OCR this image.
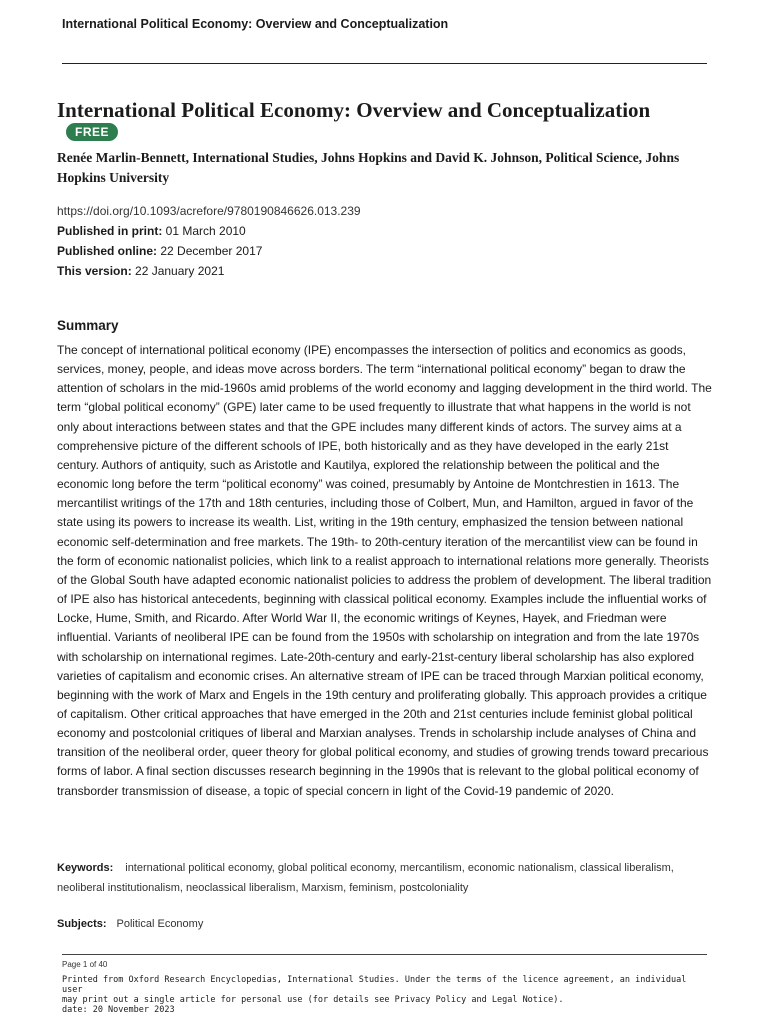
International Political Economy: Overview and Conceptualization
International Political Economy: Overview and Conceptualization
FREE
Renée Marlin-Bennett, International Studies, Johns Hopkins and David K. Johnson, Political Science, Johns Hopkins University
https://doi.org/10.1093/acrefore/9780190846626.013.239
Published in print: 01 March 2010
Published online: 22 December 2017
This version: 22 January 2021
Summary

The concept of international political economy (IPE) encompasses the intersection of politics and economics as goods, services, money, people, and ideas move across borders. The term “international political economy” began to draw the attention of scholars in the mid-1960s amid problems of the world economy and lagging development in the third world. The term “global political economy” (GPE) later came to be used frequently to illustrate that what happens in the world is not only about interactions between states and that the GPE includes many different kinds of actors. The survey aims at a comprehensive picture of the different schools of IPE, both historically and as they have developed in the early 21st century. Authors of antiquity, such as Aristotle and Kautilya, explored the relationship between the political and the economic long before the term “political economy” was coined, presumably by Antoine de Montchrestien in 1613. The mercantilist writings of the 17th and 18th centuries, including those of Colbert, Mun, and Hamilton, argued in favor of the state using its powers to increase its wealth. List, writing in the 19th century, emphasized the tension between national economic self-determination and free markets. The 19th- to 20th-century iteration of the mercantilist view can be found in the form of economic nationalist policies, which link to a realist approach to international relations more generally. Theorists of the Global South have adapted economic nationalist policies to address the problem of development. The liberal tradition of IPE also has historical antecedents, beginning with classical political economy. Examples include the influential works of Locke, Hume, Smith, and Ricardo. After World War II, the economic writings of Keynes, Hayek, and Friedman were influential. Variants of neoliberal IPE can be found from the 1950s with scholarship on integration and from the late 1970s with scholarship on international regimes. Late-20th-century and early-21st-century liberal scholarship has also explored varieties of capitalism and economic crises. An alternative stream of IPE can be traced through Marxian political economy, beginning with the work of Marx and Engels in the 19th century and proliferating globally. This approach provides a critique of capitalism. Other critical approaches that have emerged in the 20th and 21st centuries include feminist global political economy and postcolonial critiques of liberal and Marxian analyses. Trends in scholarship include analyses of China and transition of the neoliberal order, queer theory for global political economy, and studies of growing trends toward precarious forms of labor. A final section discusses research beginning in the 1990s that is relevant to the global political economy of transborder transmission of disease, a topic of special concern in light of the Covid-19 pandemic of 2020.

Keywords: international political economy, global political economy, mercantilism, economic nationalism, classical liberalism, neoliberal institutionalism, neoclassical liberalism, Marxism, feminism, postcoloniality
Subjects: Political Economy
Page 1 of 40
Printed from Oxford Research Encyclopedias, International Studies. Under the terms of the licence agreement, an individual user
may print out a single article for personal use (for details see Privacy Policy and Legal Notice).
date: 20 November 2023
